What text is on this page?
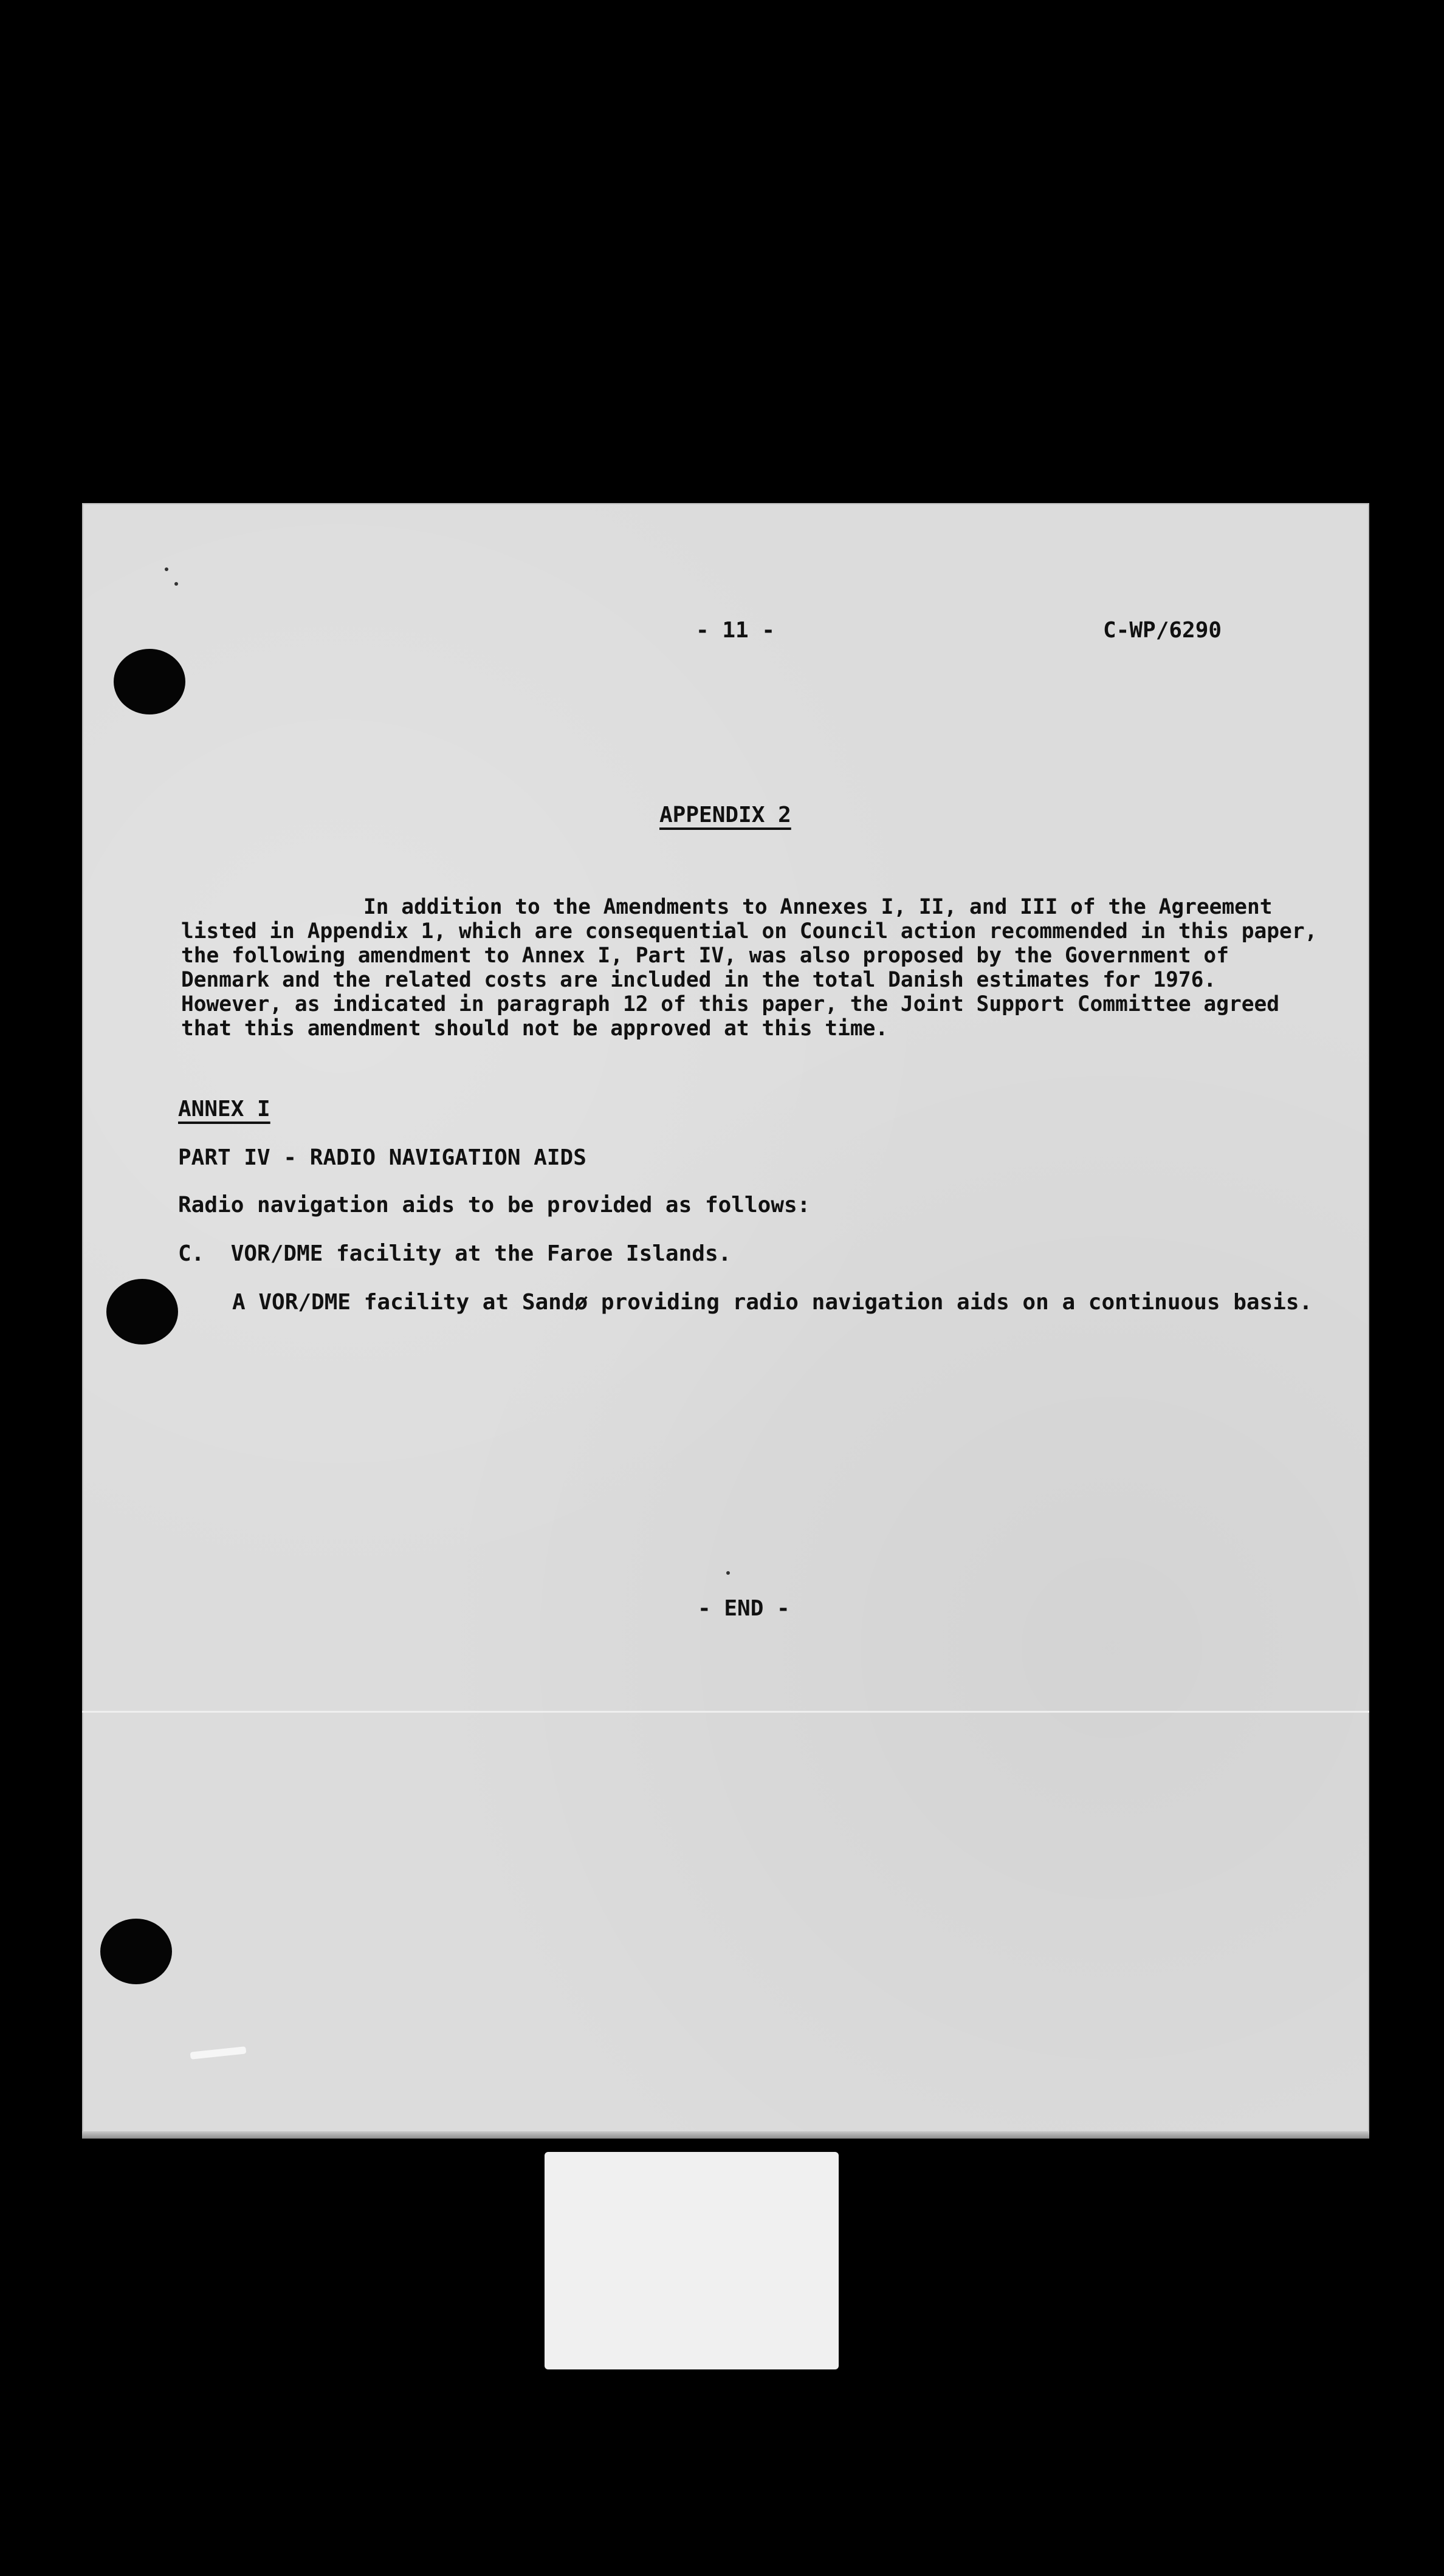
- 11 -	C-WP/6290

APPENDIX 2

In addition to the Amendments to Annexes I, II, and III of the Agreement
listed in Appendix 1, which are consequential on Council action recommended in this paper,
the following amendment to Annex I, Part IV, was also proposed by the Government of
Denmark and the related costs are included in the total Danish estimates for 1976.
However, as indicated in paragraph 12 of this paper, the Joint Support Committee agreed
that this amendment should not be approved at this time.

ANNEX I

PART IV - RADIO NAVIGATION AIDS

Radio navigation aids to be provided as follows:

C.  VOR/DME facility at the Faroe Islands.

A VOR/DME facility at Sandø providing radio navigation aids on a continuous basis.

- END -
